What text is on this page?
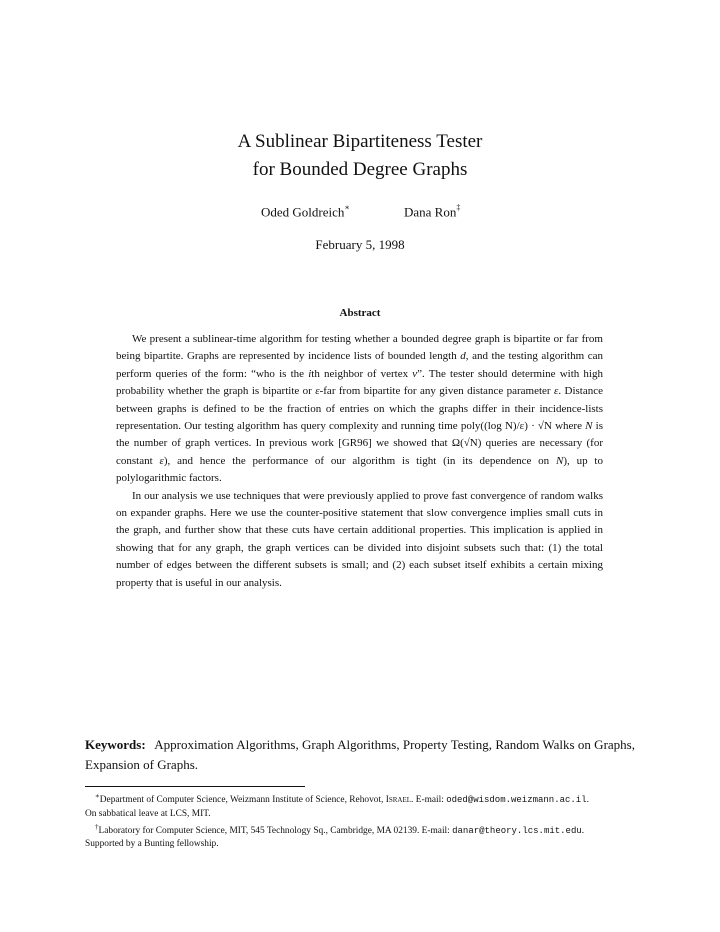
A Sublinear Bipartiteness Tester
for Bounded Degree Graphs
Oded Goldreich∗	Dana Ron‡
February 5, 1998
Abstract

We present a sublinear-time algorithm for testing whether a bounded degree graph is bipartite or far from being bipartite. Graphs are represented by incidence lists of bounded length d, and the testing algorithm can perform queries of the form: “who is the ith neighbor of vertex v”. The tester should determine with high probability whether the graph is bipartite or ε-far from bipartite for any given distance parameter ε. Distance between graphs is defined to be the fraction of entries on which the graphs differ in their incidence-lists representation. Our testing algorithm has query complexity and running time poly((log N)/ε) · √N where N is the number of graph vertices. In previous work [GR96] we showed that Ω(√N) queries are necessary (for constant ε), and hence the performance of our algorithm is tight (in its dependence on N), up to polylogarithmic factors.

In our analysis we use techniques that were previously applied to prove fast convergence of random walks on expander graphs. Here we use the counter-positive statement that slow convergence implies small cuts in the graph, and further show that these cuts have certain additional properties. This implication is applied in showing that for any graph, the graph vertices can be divided into disjoint subsets such that: (1) the total number of edges between the different subsets is small; and (2) each subset itself exhibits a certain mixing property that is useful in our analysis.

Keywords: Approximation Algorithms, Graph Algorithms, Property Testing, Random Walks on Graphs, Expansion of Graphs.

∗Department of Computer Science, Weizmann Institute of Science, Rehovot, Israel. E-mail: oded@wisdom.weizmann.ac.il.

On sabbatical leave at LCS, MIT.

†Laboratory for Computer Science, MIT, 545 Technology Sq., Cambridge, MA 02139. E-mail: danar@theory.lcs.mit.edu.

Supported by a Bunting fellowship.
